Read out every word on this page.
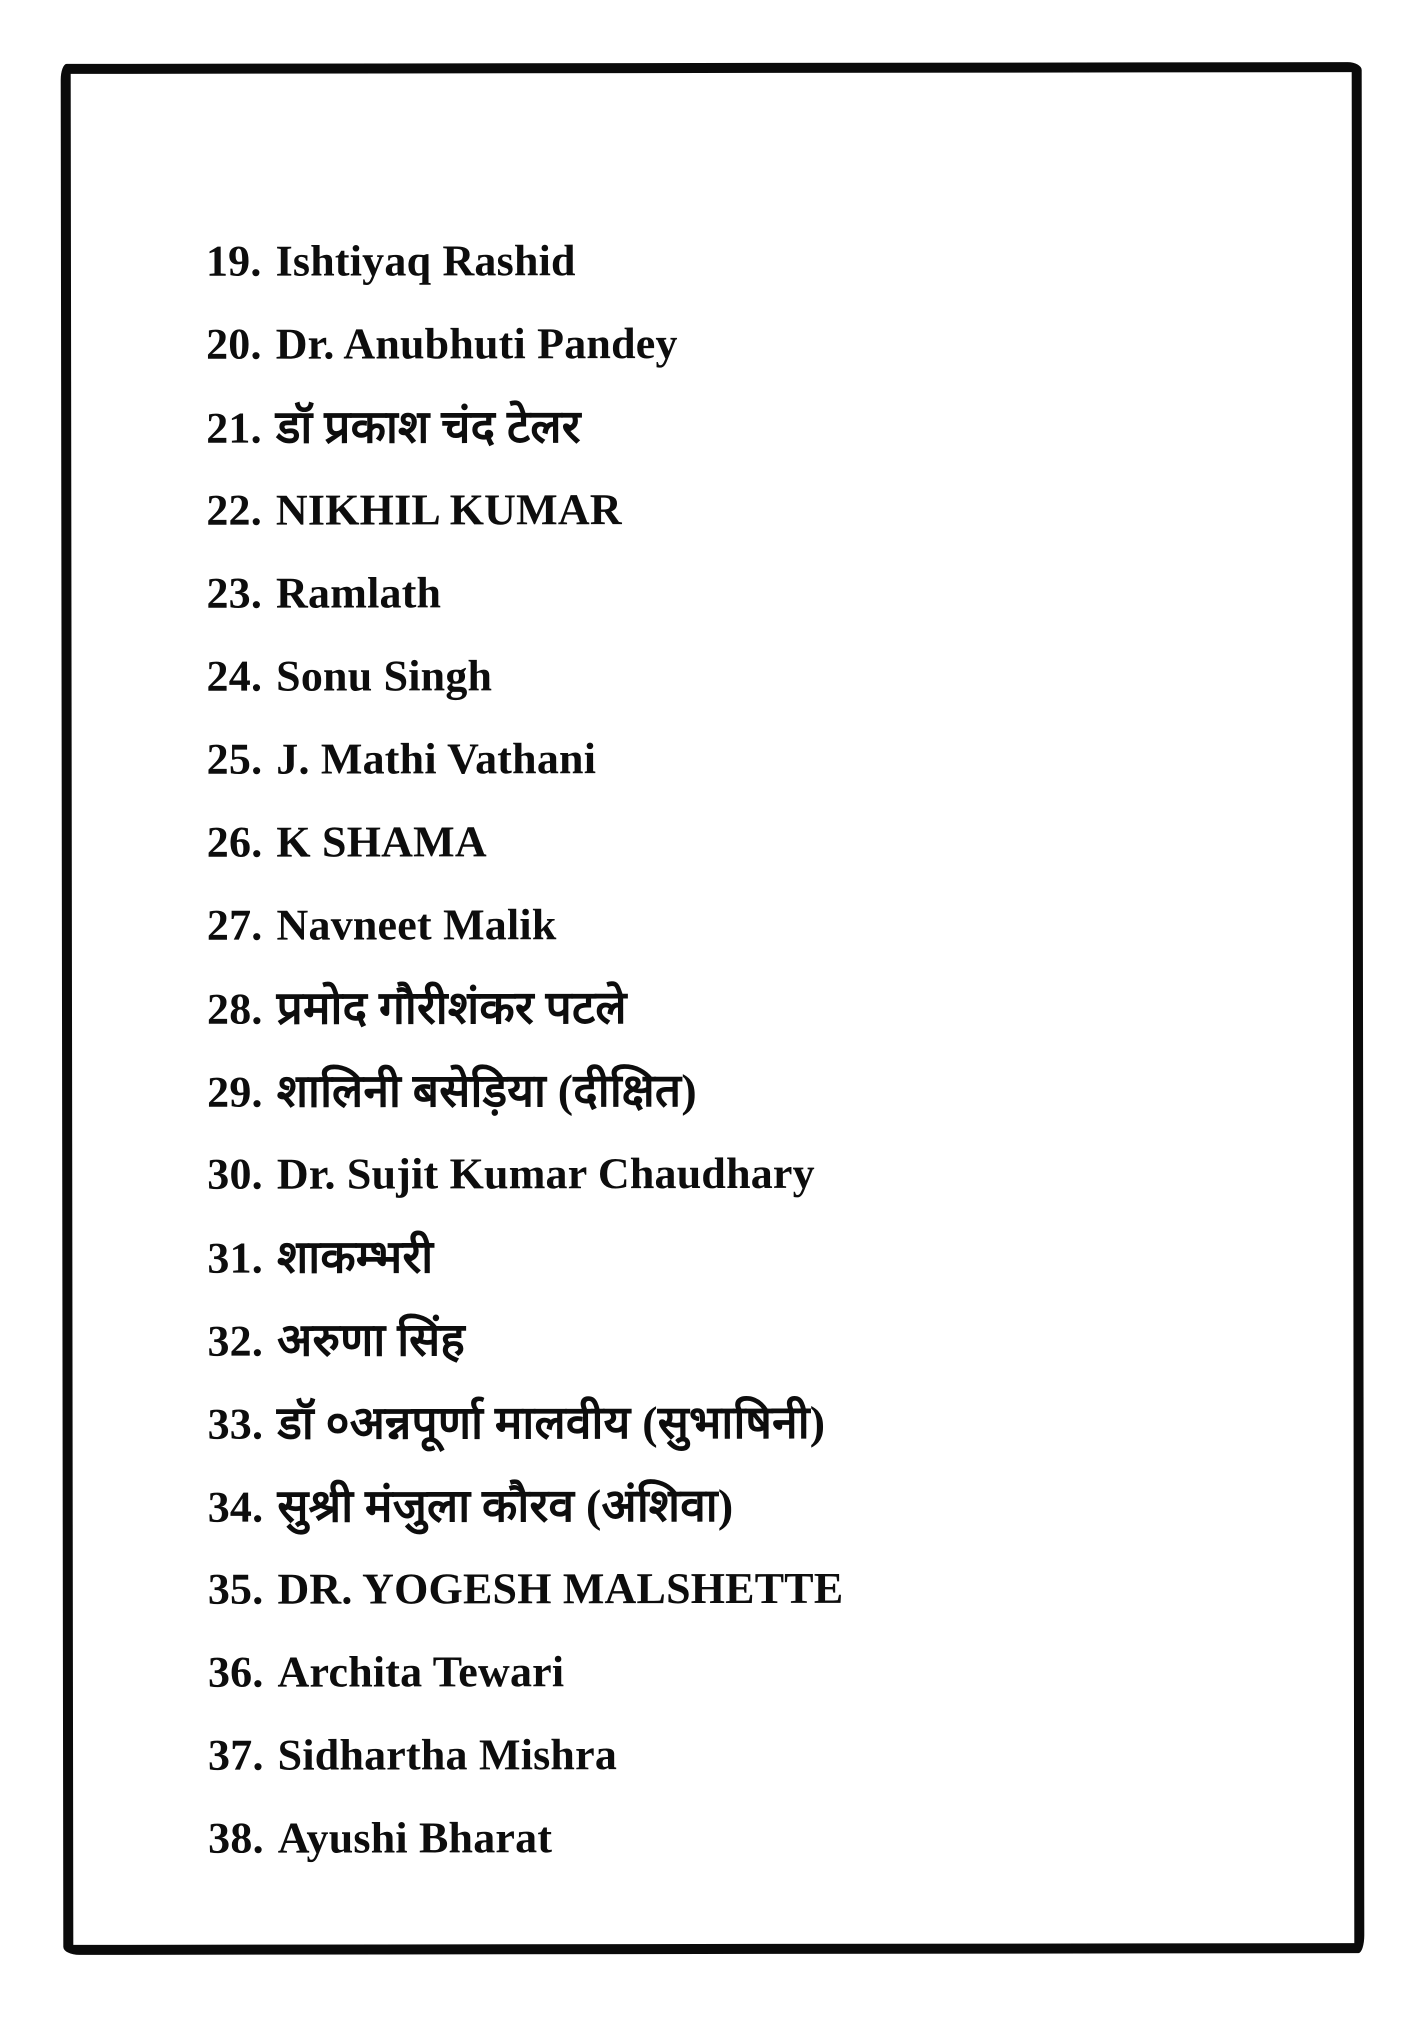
19. Ishtiyaq Rashid
20. Dr. Anubhuti Pandey
21. डॉ प्रकाश चंद टेलर
22. NIKHIL KUMAR
23. Ramlath
24. Sonu Singh
25. J. Mathi Vathani
26. K SHAMA
27. Navneet Malik
28. प्रमोद गौरीशंकर पटले
29. शालिनी बसेड़िया (दीक्षित)
30. Dr. Sujit Kumar Chaudhary
31. शाकम्भरी
32. अरुणा सिंह
33. डॉ ०अन्नपूर्णा मालवीय (सुभाषिनी)
34. सुश्री मंजुला कौरव (अंशिवा)
35. DR. YOGESH MALSHETTE
36. Archita Tewari
37. Sidhartha Mishra
38. Ayushi Bharat
